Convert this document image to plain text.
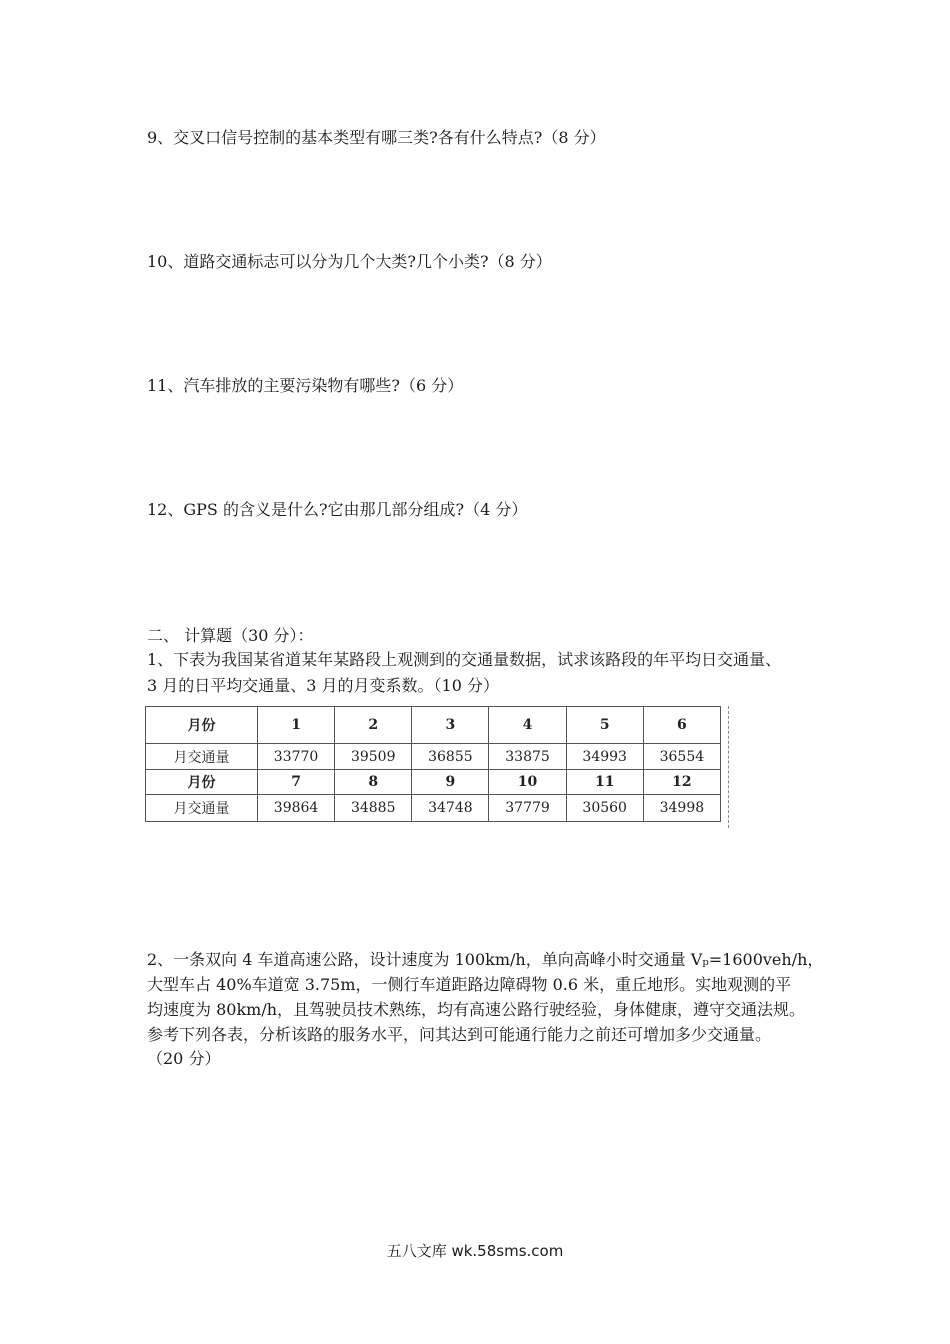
9、交叉口信号控制的基本类型有哪三类?各有什么特点?（8 分）
10、道路交通标志可以分为几个大类?几个小类?（8 分）
11、汽车排放的主要污染物有哪些?（6 分）
12、GPS 的含义是什么?它由那几部分组成?（4 分）
二、 计算题（30 分）：
1、下表为我国某省道某年某路段上观测到的交通量数据，试求该路段的年平均日交通量、
3 月的日平均交通量、3 月的月变系数。（10 分）
月份	1	2	3	4	5	6
月交通量	33770	39509	36855	33875	34993	36554
月份	7	8	9	10	11	12
月交通量	39864	34885	34748	37779	30560	34998
2、一条双向 4 车道高速公路，设计速度为 100km/h，单向高峰小时交通量 Vₚ=1600veh/h，
大型车占 40%车道宽 3.75m，一侧行车道距路边障碍物 0.6 米，重丘地形。实地观测的平
均速度为 80km/h，且驾驶员技术熟练，均有高速公路行驶经验，身体健康，遵守交通法规。
参考下列各表，分析该路的服务水平，问其达到可能通行能力之前还可增加多少交通量。
（20 分）
五八文库 wk.58sms.com
